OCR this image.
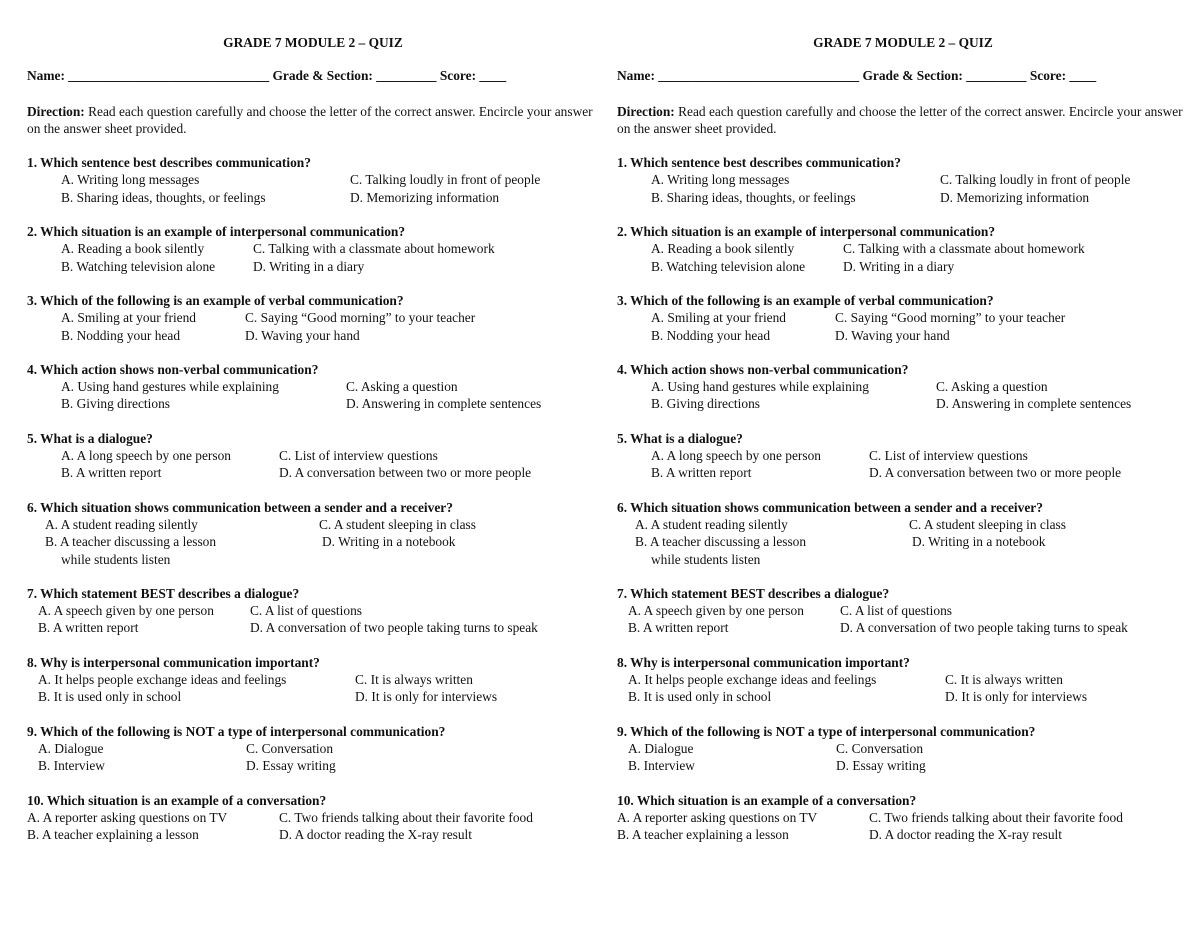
GRADE 7 MODULE 2 – QUIZ
Name: ______________________________ Grade & Section: _________ Score: ____
Direction: Read each question carefully and choose the letter of the correct answer. Encircle your answer on the answer sheet provided.
1. Which sentence best describes communication?
A. Writing long messages	C. Talking loudly in front of people
B. Sharing ideas, thoughts, or feelings	D. Memorizing information
2. Which situation is an example of interpersonal communication?
A. Reading a book silently	C. Talking with a classmate about homework
B. Watching television alone	D. Writing in a diary
3. Which of the following is an example of verbal communication?
A. Smiling at your friend	C. Saying “Good morning” to your teacher
B. Nodding your head	D. Waving your hand
4. Which action shows non-verbal communication?
A. Using hand gestures while explaining	C. Asking a question
B. Giving directions	D. Answering in complete sentences
5. What is a dialogue?
A. A long speech by one person	C. List of interview questions
B. A written report	D. A conversation between two or more people
6. Which situation shows communication between a sender and a receiver?
A. A student reading silently	C. A student sleeping in class
B. A teacher discussing a lesson	D. Writing in a notebook
while students listen
7. Which statement BEST describes a dialogue?
A. A speech given by one person	C. A list of questions
B. A written report	D. A conversation of two people taking turns to speak
8. Why is interpersonal communication important?
A. It helps people exchange ideas and feelings	C. It is always written
B. It is used only in school	D. It is only for interviews
9. Which of the following is NOT a type of interpersonal communication?
A. Dialogue	C. Conversation
B. Interview	D. Essay writing
10. Which situation is an example of a conversation?
A. A reporter asking questions on TV	C. Two friends talking about their favorite food
B. A teacher explaining a lesson	D. A doctor reading the X-ray result
GRADE 7 MODULE 2 – QUIZ
Name: ______________________________ Grade & Section: _________ Score: ____
Direction: Read each question carefully and choose the letter of the correct answer. Encircle your answer on the answer sheet provided.
1. Which sentence best describes communication?
A. Writing long messages	C. Talking loudly in front of people
B. Sharing ideas, thoughts, or feelings	D. Memorizing information
2. Which situation is an example of interpersonal communication?
A. Reading a book silently	C. Talking with a classmate about homework
B. Watching television alone	D. Writing in a diary
3. Which of the following is an example of verbal communication?
A. Smiling at your friend	C. Saying “Good morning” to your teacher
B. Nodding your head	D. Waving your hand
4. Which action shows non-verbal communication?
A. Using hand gestures while explaining	C. Asking a question
B. Giving directions	D. Answering in complete sentences
5. What is a dialogue?
A. A long speech by one person	C. List of interview questions
B. A written report	D. A conversation between two or more people
6. Which situation shows communication between a sender and a receiver?
A. A student reading silently	C. A student sleeping in class
B. A teacher discussing a lesson	D. Writing in a notebook
while students listen
7. Which statement BEST describes a dialogue?
A. A speech given by one person	C. A list of questions
B. A written report	D. A conversation of two people taking turns to speak
8. Why is interpersonal communication important?
A. It helps people exchange ideas and feelings	C. It is always written
B. It is used only in school	D. It is only for interviews
9. Which of the following is NOT a type of interpersonal communication?
A. Dialogue	C. Conversation
B. Interview	D. Essay writing
10. Which situation is an example of a conversation?
A. A reporter asking questions on TV	C. Two friends talking about their favorite food
B. A teacher explaining a lesson	D. A doctor reading the X-ray result
